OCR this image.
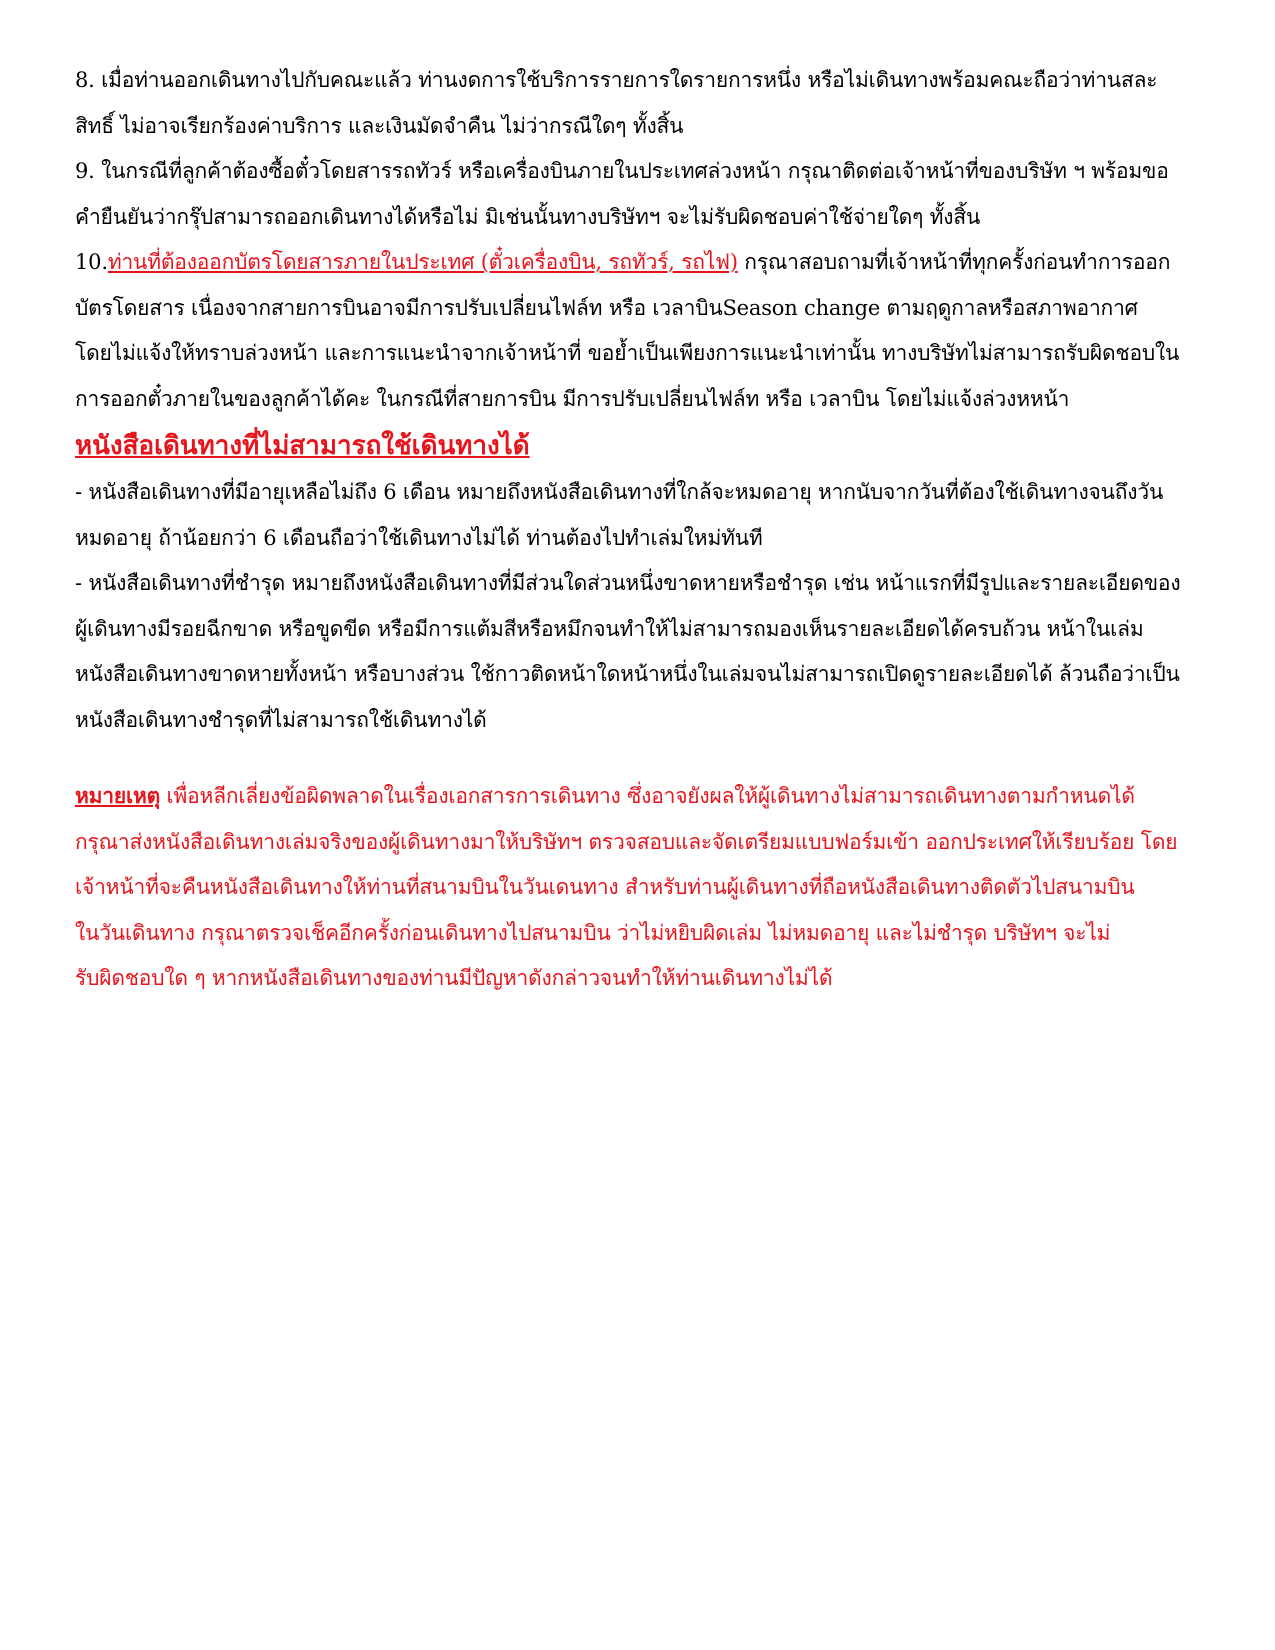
8. เมื่อท่านออกเดินทางไปกับคณะแล้ว ท่านงดการใช้บริการรายการใดรายการหนึ่ง หรือไม่เดินทางพร้อมคณะถือว่าท่านสละ
สิทธิ์ ไม่อาจเรียกร้องค่าบริการ และเงินมัดจำคืน ไม่ว่ากรณีใดๆ ทั้งสิ้น
9. ในกรณีที่ลูกค้าต้องซื้อตั๋วโดยสารรถทัวร์ หรือเครื่องบินภายในประเทศล่วงหน้า กรุณาติดต่อเจ้าหน้าที่ของบริษัท ฯ พร้อมขอ
คำยืนยันว่ากรุ๊ปสามารถออกเดินทางได้หรือไม่ มิเช่นนั้นทางบริษัทฯ จะไม่รับผิดชอบค่าใช้จ่ายใดๆ ทั้งสิ้น
10.ท่านที่ต้องออกบัตรโดยสารภายในประเทศ (ตั๋วเครื่องบิน, รถทัวร์, รถไฟ) กรุณาสอบถามที่เจ้าหน้าที่ทุกครั้งก่อนทำการออก
บัตรโดยสาร เนื่องจากสายการบินอาจมีการปรับเปลี่ยนไฟล์ท หรือ เวลาบินSeason change ตามฤดูกาลหรือสภาพอากาศ
โดยไม่แจ้งให้ทราบล่วงหน้า และการแนะนำจากเจ้าหน้าที่ ขอย้ำเป็นเพียงการแนะนำเท่านั้น ทางบริษัทไม่สามารถรับผิดชอบใน
การออกตั๋วภายในของลูกค้าได้คะ ในกรณีที่สายการบิน มีการปรับเปลี่ยนไฟล์ท หรือ เวลาบิน โดยไม่แจ้งล่วงหหน้า
หนังสือเดินทางที่ไม่สามารถใช้เดินทางได้
- หนังสือเดินทางที่มีอายุเหลือไม่ถึง 6 เดือน หมายถึงหนังสือเดินทางที่ใกล้จะหมดอายุ หากนับจากวันที่ต้องใช้เดินทางจนถึงวัน
หมดอายุ ถ้าน้อยกว่า 6 เดือนถือว่าใช้เดินทางไม่ได้ ท่านต้องไปทำเล่มใหม่ทันที
- หนังสือเดินทางที่ชำรุด หมายถึงหนังสือเดินทางที่มีส่วนใดส่วนหนึ่งขาดหายหรือชำรุด เช่น หน้าแรกที่มีรูปและรายละเอียดของ
ผู้เดินทางมีรอยฉีกขาด หรือขูดขีด หรือมีการแต้มสีหรือหมึกจนทำให้ไม่สามารถมองเห็นรายละเอียดได้ครบถ้วน หน้าในเล่ม
หนังสือเดินทางขาดหายทั้งหน้า หรือบางส่วน ใช้กาวติดหน้าใดหน้าหนึ่งในเล่มจนไม่สามารถเปิดดูรายละเอียดได้ ล้วนถือว่าเป็น
หนังสือเดินทางชำรุดที่ไม่สามารถใช้เดินทางได้
หมายเหตุ เพื่อหลีกเลี่ยงข้อผิดพลาดในเรื่องเอกสารการเดินทาง ซึ่งอาจยังผลให้ผู้เดินทางไม่สามารถเดินทางตามกำหนดได้
กรุณาส่งหนังสือเดินทางเล่มจริงของผู้เดินทางมาให้บริษัทฯ ตรวจสอบและจัดเตรียมแบบฟอร์มเข้า ออกประเทศให้เรียบร้อย โดย
เจ้าหน้าที่จะคืนหนังสือเดินทางให้ท่านที่สนามบินในวันเดนทาง สำหรับท่านผู้เดินทางที่ถือหนังสือเดินทางติดตัวไปสนามบิน
ในวันเดินทาง กรุณาตรวจเช็คอีกครั้งก่อนเดินทางไปสนามบิน ว่าไม่หยิบผิดเล่ม ไม่หมดอายุ และไม่ชำรุด บริษัทฯ จะไม่
รับผิดชอบใด ๆ หากหนังสือเดินทางของท่านมีปัญหาดังกล่าวจนทำให้ท่านเดินทางไม่ได้
